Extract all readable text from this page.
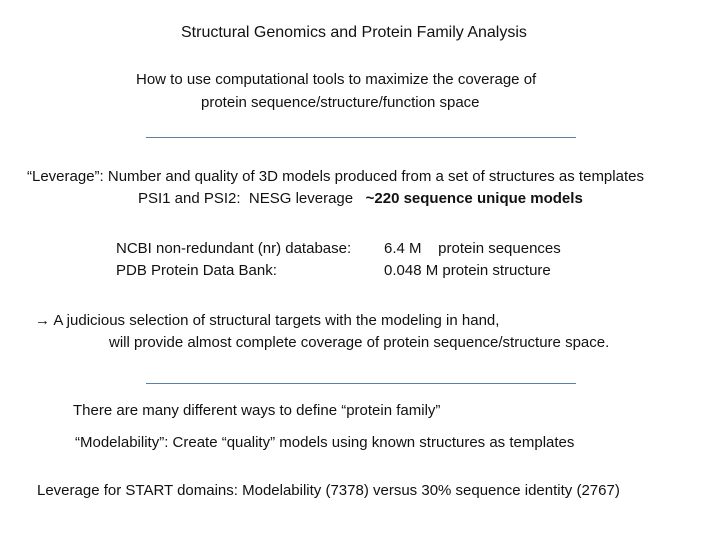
Structural Genomics and Protein Family Analysis

How to use computational tools to maximize the coverage of

protein sequence/structure/function space

“Leverage”: Number and quality of 3D models produced from a set of structures as templates

PSI1 and PSI2:  NESG leverage   ~220 sequence unique models

NCBI non-redundant (nr) database: 6.4 M    protein sequences

PDB Protein Data Bank:	0.048 M protein structure

→ A judicious selection of structural targets with the modeling in hand,

will provide almost complete coverage of protein sequence/structure space.

There are many different ways to define “protein family”

“Modelability”: Create “quality” models using known structures as templates

Leverage for START domains: Modelability (7378) versus 30% sequence identity (2767)
